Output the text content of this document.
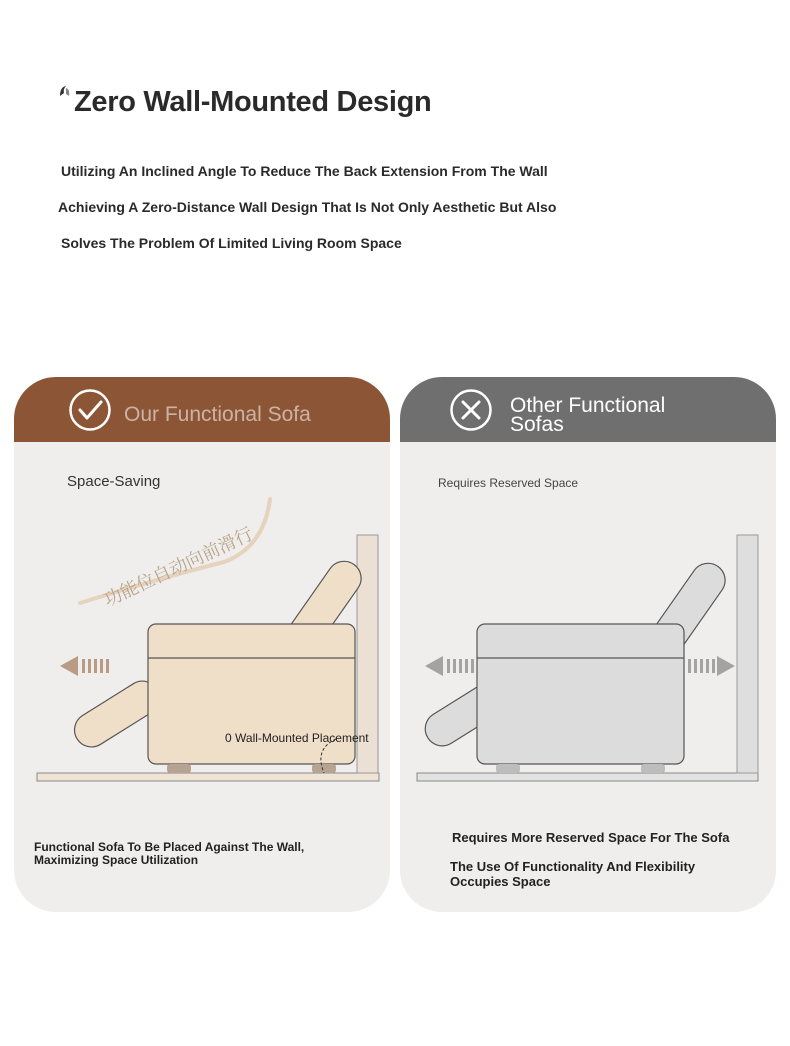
Zero Wall-Mounted Design
Utilizing An Inclined Angle To Reduce The Back Extension From The Wall
Achieving A Zero-Distance Wall Design That Is Not Only Aesthetic But Also
Solves The Problem Of Limited Living Room Space
Our Functional Sofa
Space-Saving
功能位自动向前滑行
0 Wall-Mounted Placement
Functional Sofa To Be Placed Against The Wall, Maximizing Space Utilization
Other Functional Sofas
Requires Reserved Space
Requires More Reserved Space For The Sofa
The Use Of Functionality And Flexibility Occupies Space
